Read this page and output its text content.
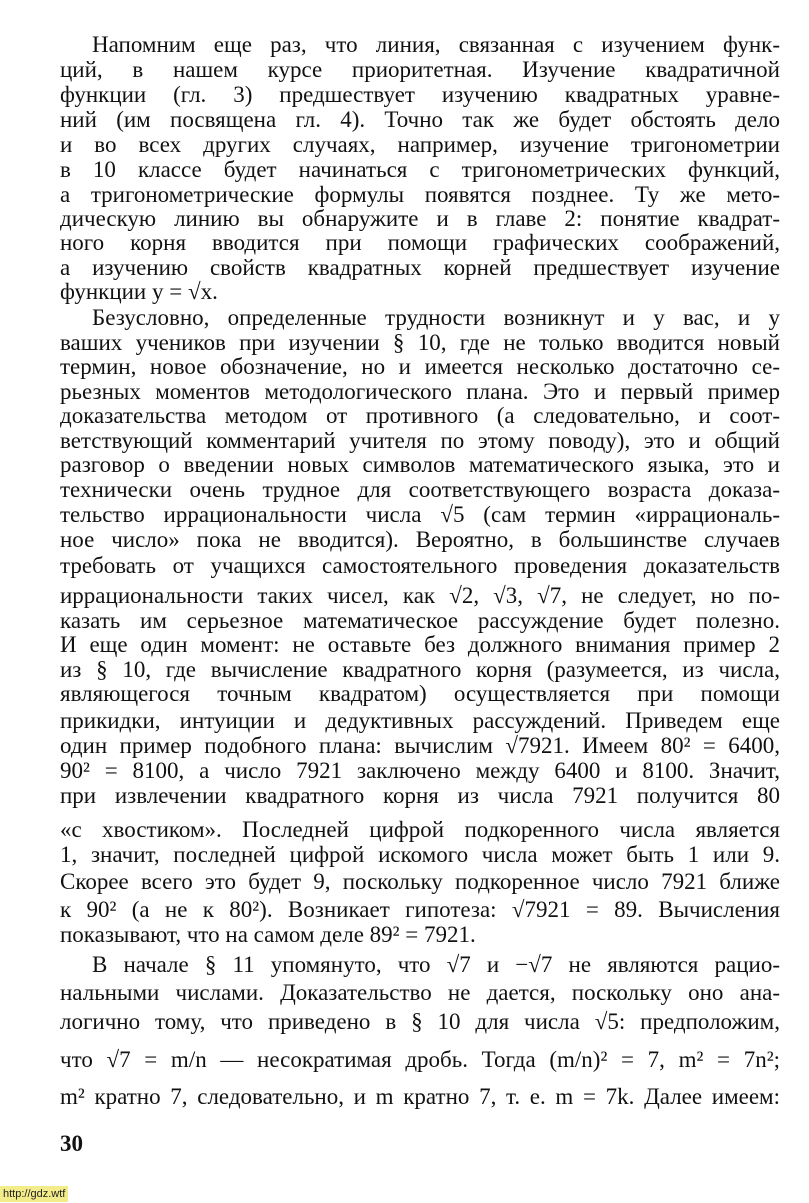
Напомним еще раз, что линия, связанная с изучением функ-
ций, в нашем курсе приоритетная. Изучение квадратичной
функции (гл. 3) предшествует изучению квадратных уравне-
ний (им посвящена гл. 4). Точно так же будет обстоять дело
и во всех других случаях, например, изучение тригонометрии
в 10 классе будет начинаться с тригонометрических функций,
а тригонометрические формулы появятся позднее. Ту же мето-
дическую линию вы обнаружите и в главе 2: понятие квадрат-
ного корня вводится при помощи графических соображений,
а изучению свойств квадратных корней предшествует изучение
функции y = √x.
Безусловно, определенные трудности возникнут и у вас, и у
ваших учеников при изучении § 10, где не только вводится новый
термин, новое обозначение, но и имеется несколько достаточно се-
рьезных моментов методологического плана. Это и первый пример
доказательства методом от противного (а следовательно, и соот-
ветствующий комментарий учителя по этому поводу), это и общий
разговор о введении новых символов математического языка, это и
технически очень трудное для соответствующего возраста доказа-
тельство иррациональности числа √5 (сам термин «иррациональ-
ное число» пока не вводится). Вероятно, в большинстве случаев
требовать от учащихся самостоятельного проведения доказательств
иррациональности таких чисел, как √2, √3, √7, не следует, но по-
казать им серьезное математическое рассуждение будет полезно.
И еще один момент: не оставьте без должного внимания пример 2
из § 10, где вычисление квадратного корня (разумеется, из числа,
являющегося точным квадратом) осуществляется при помощи
прикидки, интуиции и дедуктивных рассуждений. Приведем еще
один пример подобного плана: вычислим √7921. Имеем 80² = 6400,
90² = 8100, а число 7921 заключено между 6400 и 8100. Значит,
при извлечении квадратного корня из числа 7921 получится 80
«с хвостиком». Последней цифрой подкоренного числа является
1, значит, последней цифрой искомого числа может быть 1 или 9.
Скорее всего это будет 9, поскольку подкоренное число 7921 ближе
к 90² (а не к 80²). Возникает гипотеза: √7921 = 89. Вычисления
показывают, что на самом деле 89² = 7921.
В начале § 11 упомянуто, что √7 и −√7 не являются рацио-
нальными числами. Доказательство не дается, поскольку оно ана-
логично тому, что приведено в § 10 для числа √5: предположим,
что √7 = m/n — несократимая дробь. Тогда (m/n)² = 7, m² = 7n²;
m² кратно 7, следовательно, и m кратно 7, т. е. m = 7k. Далее имеем:
30
http://gdz.wtf
